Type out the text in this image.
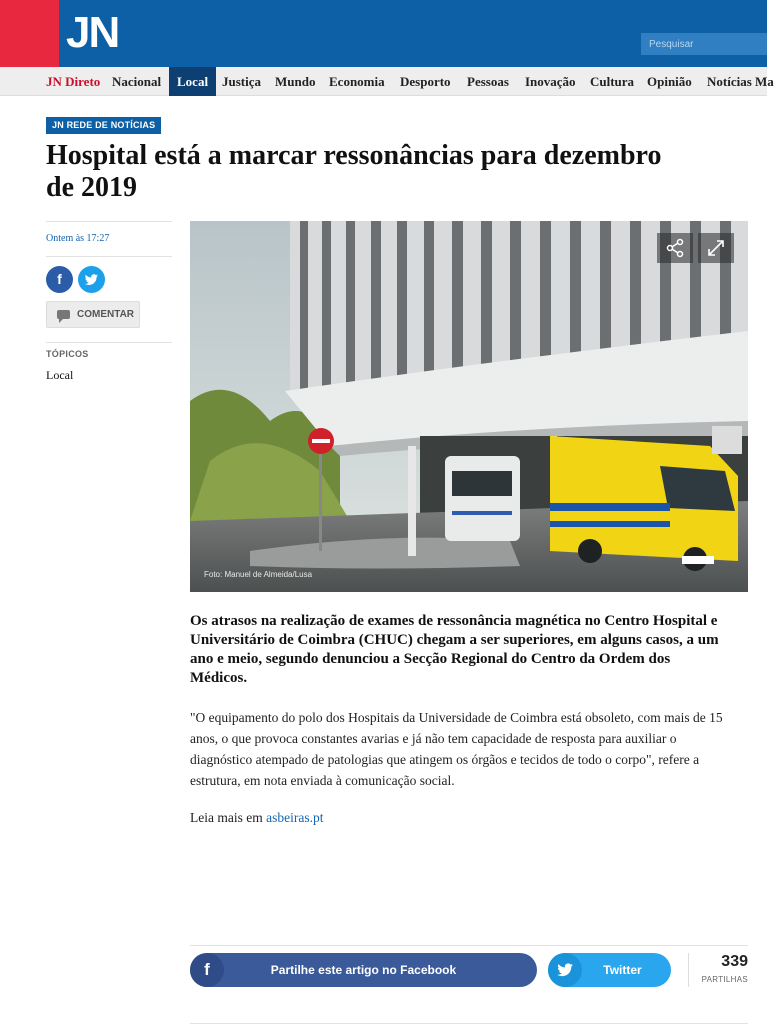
JN
Pesquisar
JN Direto Nacional	Local	Justiça Mundo Economia Desporto Pessoas Inovação Cultura Opinião Notícias Ma
JN REDE DE NOTÍCIAS
Hospital está a marcar ressonâncias para dezembro de 2019
Ontem às 17:27
f
COMENTAR
TÓPICOS
Local
Foto: Manuel de Almeida/Lusa

Os atrasos na realização de exames de ressonância magnética no Centro Hospital e Universitário de Coimbra (CHUC) chegam a ser superiores, em alguns casos, a um ano e meio, segundo denunciou a Secção Regional do Centro da Ordem dos Médicos.

"O equipamento do polo dos Hospitais da Universidade de Coimbra está obsoleto, com mais de 15 anos, o que provoca constantes avarias e já não tem capacidade de resposta para auxiliar o diagnóstico atempado de patologias que atingem os órgãos e tecidos de todo o corpo", refere a estrutura, em nota enviada à comunicação social.

Leia mais em asbeiras.pt

f	Partilhe este artigo no Facebook	Twitter	339
PARTILHAS
